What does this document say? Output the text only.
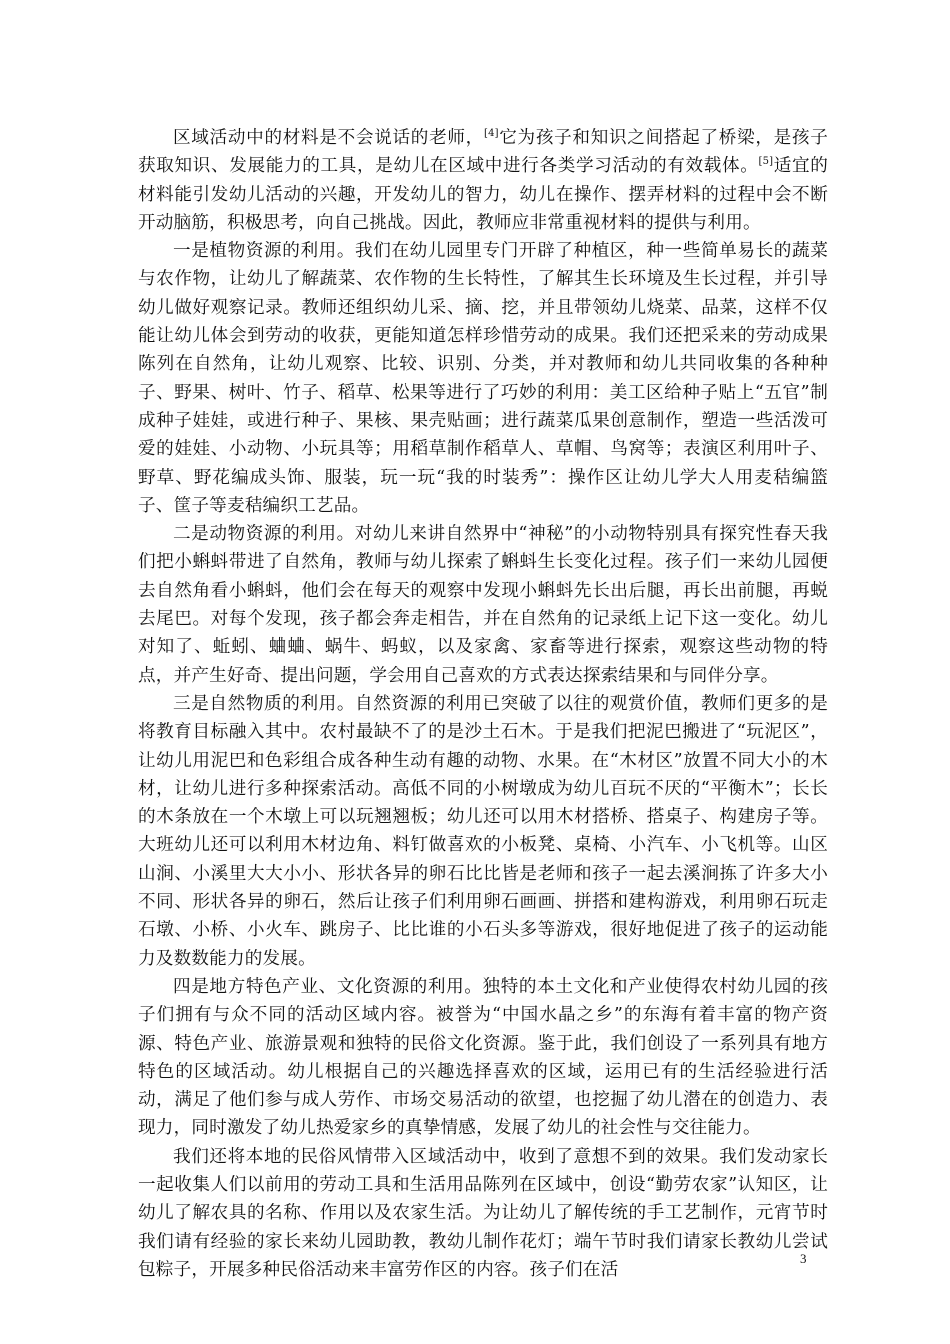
区域活动中的材料是不会说话的老师，[4]它为孩子和知识之间搭起了桥梁，是孩子获取知识、发展能力的工具，是幼儿在区域中进行各类学习活动的有效载体。[5]适宜的材料能引发幼儿活动的兴趣，开发幼儿的智力，幼儿在操作、摆弄材料的过程中会不断开动脑筋，积极思考，向自己挑战。因此，教师应非常重视材料的提供与利用。

一是植物资源的利用。我们在幼儿园里专门开辟了种植区，种一些简单易长的蔬菜与农作物，让幼儿了解蔬菜、农作物的生长特性，了解其生长环境及生长过程，并引导幼儿做好观察记录。教师还组织幼儿采、摘、挖，并且带领幼儿烧菜、品菜，这样不仅能让幼儿体会到劳动的收获，更能知道怎样珍惜劳动的成果。我们还把采来的劳动成果陈列在自然角，让幼儿观察、比较、识别、分类，并对教师和幼儿共同收集的各种种子、野果、树叶、竹子、稻草、松果等进行了巧妙的利用：美工区给种子贴上“五官”制成种子娃娃，或进行种子、果核、果壳贴画；进行蔬菜瓜果创意制作，塑造一些活泼可爱的娃娃、小动物、小玩具等；用稻草制作稻草人、草帽、鸟窝等；表演区利用叶子、野草、野花编成头饰、服装，玩一玩“我的时装秀”：操作区让幼儿学大人用麦秸编篮子、筐子等麦秸编织工艺品。

二是动物资源的利用。对幼儿来讲自然界中“神秘”的小动物特别具有探究性春天我们把小蝌蚪带进了自然角，教师与幼儿探索了蝌蚪生长变化过程。孩子们一来幼儿园便去自然角看小蝌蚪，他们会在每天的观察中发现小蝌蚪先长出后腿，再长出前腿，再蜕去尾巴。对每个发现，孩子都会奔走相告，并在自然角的记录纸上记下这一变化。幼儿对知了、蚯蚓、蛐蛐、蜗牛、蚂蚁，以及家禽、家畜等进行探索，观察这些动物的特点，并产生好奇、提出问题，学会用自己喜欢的方式表达探索结果和与同伴分享。

三是自然物质的利用。自然资源的利用已突破了以往的观赏价值，教师们更多的是将教育目标融入其中。农村最缺不了的是沙土石木。于是我们把泥巴搬进了“玩泥区”，让幼儿用泥巴和色彩组合成各种生动有趣的动物、水果。在“木材区”放置不同大小的木材，让幼儿进行多种探索活动。高低不同的小树墩成为幼儿百玩不厌的“平衡木”；长长的木条放在一个木墩上可以玩翘翘板；幼儿还可以用木材搭桥、搭桌子、构建房子等。大班幼儿还可以利用木材边角、料钉做喜欢的小板凳、桌椅、小汽车、小飞机等。山区山涧、小溪里大大小小、形状各异的卵石比比皆是老师和孩子一起去溪涧拣了许多大小不同、形状各异的卵石，然后让孩子们利用卵石画画、拼搭和建构游戏，利用卵石玩走石墩、小桥、小火车、跳房子、比比谁的小石头多等游戏，很好地促进了孩子的运动能力及数数能力的发展。

四是地方特色产业、文化资源的利用。独特的本土文化和产业使得农村幼儿园的孩子们拥有与众不同的活动区域内容。被誉为“中国水晶之乡”的东海有着丰富的物产资源、特色产业、旅游景观和独特的民俗文化资源。鉴于此，我们创设了一系列具有地方特色的区域活动。幼儿根据自己的兴趣选择喜欢的区域，运用已有的生活经验进行活动，满足了他们参与成人劳作、市场交易活动的欲望，也挖掘了幼儿潜在的创造力、表现力，同时激发了幼儿热爱家乡的真挚情感，发展了幼儿的社会性与交往能力。

我们还将本地的民俗风情带入区域活动中，收到了意想不到的效果。我们发动家长一起收集人们以前用的劳动工具和生活用品陈列在区域中，创设“勤劳农家”认知区，让幼儿了解农具的名称、作用以及农家生活。为让幼儿了解传统的手工艺制作，元宵节时我们请有经验的家长来幼儿园助教，教幼儿制作花灯；端午节时我们请家长教幼儿尝试包粽子，开展多种民俗活动来丰富劳作区的内容。孩子们在活

3
